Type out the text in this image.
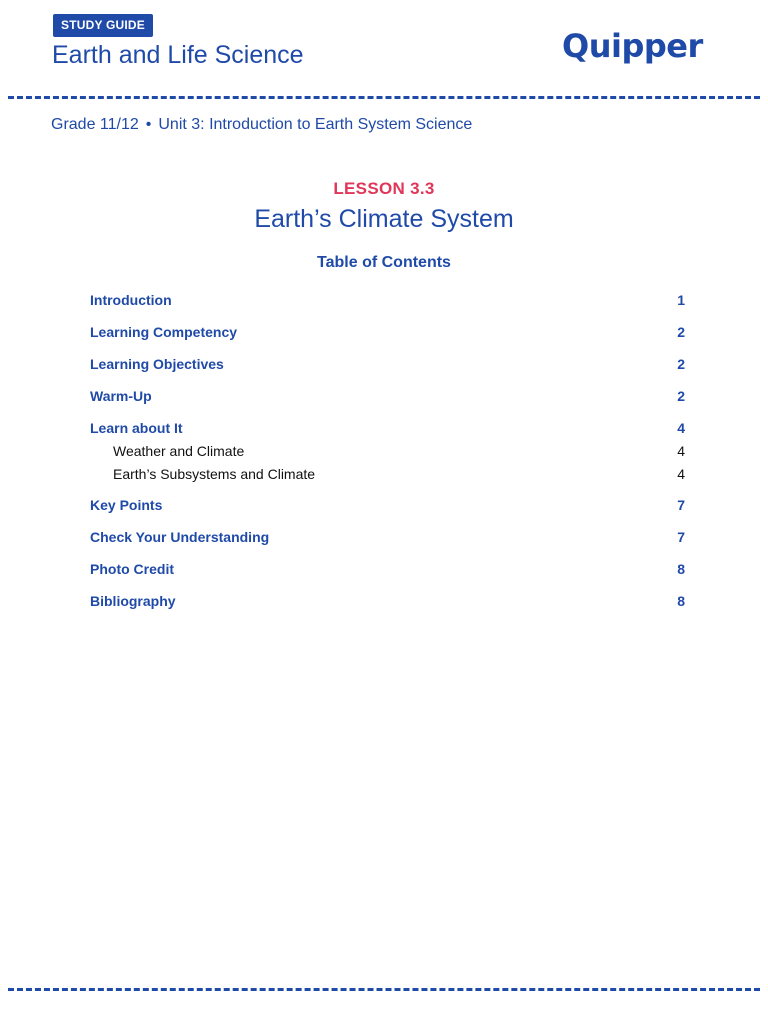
STUDY GUIDE
Earth and Life Science	Quipper
Grade 11/12 • Unit 3: Introduction to Earth System Science
LESSON 3.3
Earth’s Climate System
Table of Contents
Introduction	1
Learning Competency	2
Learning Objectives	2
Warm-Up	2
Learn about It	4
Weather and Climate	4
Earth’s Subsystems and Climate	4
Key Points	7
Check Your Understanding	7
Photo Credit	8
Bibliography	8
